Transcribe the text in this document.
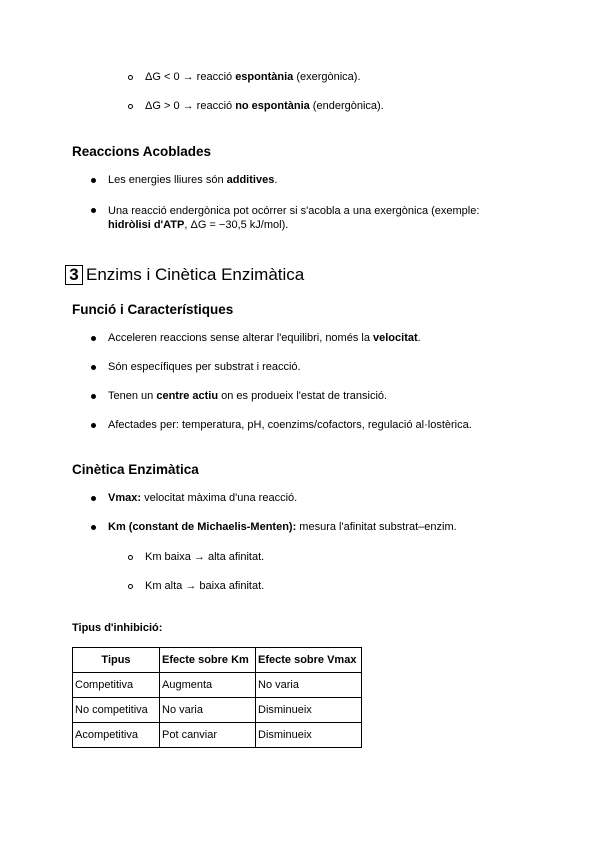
ΔG < 0 → reacció espontània (exergònica).
ΔG > 0 → reacció no espontània (endergònica).
Reaccions Acoblades
Les energies lliures són additives.
Una reacció endergònica pot ocórrer si s'acobla a una exergònica (exemple:
hidròlisi d'ATP, ΔG = −30,5 kJ/mol).
3 Enzims i Cinètica Enzimàtica
Funció i Característiques
Acceleren reaccions sense alterar l'equilibri, només la velocitat.
Són específiques per substrat i reacció.
Tenen un centre actiu on es produeix l'estat de transició.
Afectades per: temperatura, pH, coenzims/cofactors, regulació al·lostèrica.
Cinètica Enzimàtica
Vmax: velocitat màxima d'una reacció.
Km (constant de Michaelis-Menten): mesura l'afinitat substrat–enzim.
Km baixa → alta afinitat.
Km alta → baixa afinitat.
Tipus d'inhibició:
Tipus	Efecte sobre Km	Efecte sobre Vmax
Competitiva	Augmenta	No varia
No competitiva	No varia	Disminueix
Acompetitiva	Pot canviar	Disminueix
